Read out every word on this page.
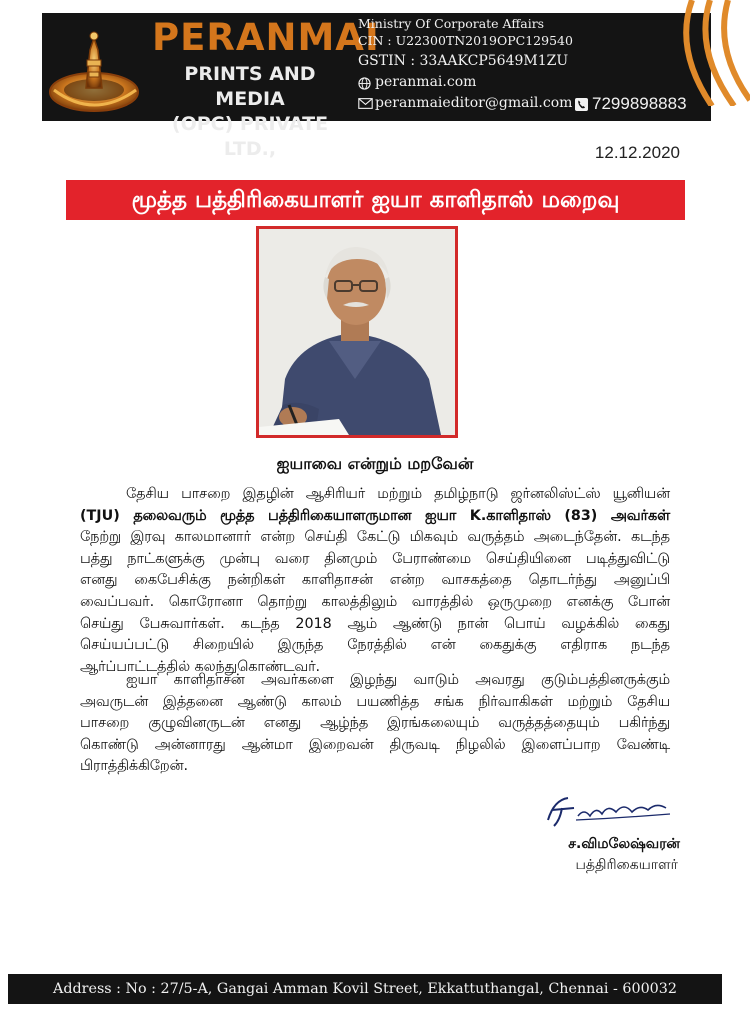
PERANMAI
PRINTS AND MEDIA
(OPC) PRIVATE LTD.,
Ministry Of Corporate Affairs
CIN : U22300TN2019OPC129540
GSTIN : 33AAKCP5649M1ZU
peranmai.com
peranmaieditor@gmail.com 7299898883
12.12.2020
மூத்த பத்திரிகையாளர் ஐயா காளிதாஸ் மறைவு
ஐயாவை என்றும் மறவேன்
தேசிய பாசறை இதழின் ஆசிரியர் மற்றும் தமிழ்நாடு ஜர்னலிஸ்ட்ஸ் யூனியன்
(TJU) தலைவரும் மூத்த பத்திரிகையாளருமான ஐயா K.காளிதாஸ் (83) அவர்கள்
நேற்று இரவு காலமானார் என்ற செய்தி கேட்டு மிகவும் வருத்தம் அடைந்தேன். கடந்த
பத்து நாட்களுக்கு முன்பு வரை தினமும் பேராண்மை செய்தியினை படித்துவிட்டு
எனது கைபேசிக்கு நன்றிகள் காளிதாசன் என்ற வாசகத்தை தொடர்ந்து அனுப்பி
வைப்பவர். கொரோனா தொற்று காலத்திலும் வாரத்தில் ஒருமுறை எனக்கு போன்
செய்து பேசுவார்கள். கடந்த 2018 ஆம் ஆண்டு நான் பொய் வழக்கில் கைது
செய்யப்பட்டு சிறையில் இருந்த நேரத்தில் என் கைதுக்கு எதிராக நடந்த
ஆர்ப்பாட்டத்தில் கலந்துகொண்டவர்.
ஐயா காளிதாசன் அவர்களை இழந்து வாடும் அவரது குடும்பத்தினருக்கும்
அவருடன் இத்தனை ஆண்டு காலம் பயணித்த சங்க நிர்வாகிகள் மற்றும் தேசிய
பாசறை குழுவினருடன் எனது ஆழ்ந்த இரங்கலையும் வருத்தத்தையும் பகிர்ந்து
கொண்டு அன்னாரது ஆன்மா இறைவன் திருவடி நிழலில் இளைப்பாற வேண்டி
பிராத்திக்கிறேன்.
ச.விமலேஷ்வரன்
பத்திரிகையாளர்
Address : No : 27/5-A, Gangai Amman Kovil Street, Ekkattuthangal, Chennai - 600032
